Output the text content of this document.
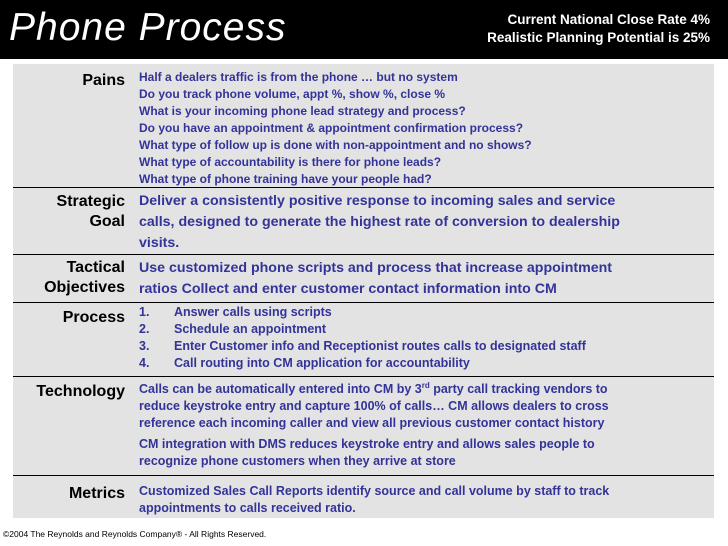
Phone Process	Current National Close Rate 4%
Realistic Planning Potential is 25%
Pains Half a dealers traffic is from the phone … but no system
Do you track phone volume, appt %, show %, close %
What is your incoming phone lead strategy and process?
Do you have an appointment & appointment confirmation process?
What type of follow up is done with non-appointment and no shows?
What type of accountability is there for phone leads?
What type of phone training have your people had?
Strategic
Goal
Deliver a consistently positive response to incoming sales and service
calls, designed to generate the highest rate of conversion to dealership
visits.
Tactical
Objectives
Use customized phone scripts and process that increase appointment
ratios Collect and enter customer contact information into CM
Process 1. Answer calls using scripts
2. Schedule an appointment
3. Enter Customer info and Receptionist routes calls to designated staff
4. Call routing into CM application for accountability
Technology Calls can be automatically entered into CM by 3rd party call tracking vendors to
reduce keystroke entry and capture 100% of calls… CM allows dealers to cross
reference each incoming caller and view all previous customer contact history
CM integration with DMS reduces keystroke entry and allows sales people to
recognize phone customers when they arrive at store
Metrics Customized Sales Call Reports identify source and call volume by staff to track
appointments to calls received ratio.
©2004 The Reynolds and Reynolds Company® - All Rights Reserved.
